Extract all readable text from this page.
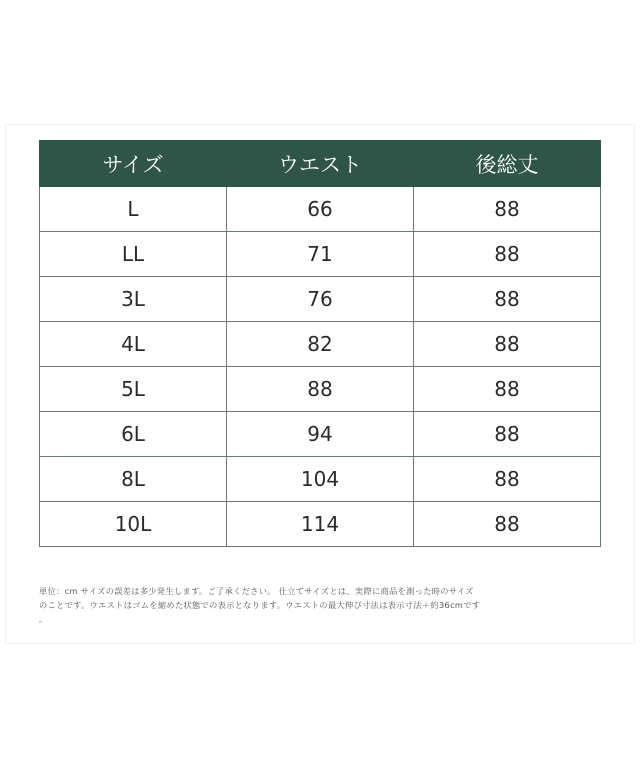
サイズ	ウエスト	後総丈
L	66	88
LL	71	88
3L	76	88
4L	82	88
5L	88	88
6L	94	88
8L	104	88
10L	114	88

単位：cm サイズの誤差は多少発生します。ご了承ください。 仕立てサイズとは、実際に商品を測った時のサイズ
のことです。ウエストはゴムを縮めた状態での表示となります。ウエストの最大伸び寸法は表示寸法＋約36cmです
。
